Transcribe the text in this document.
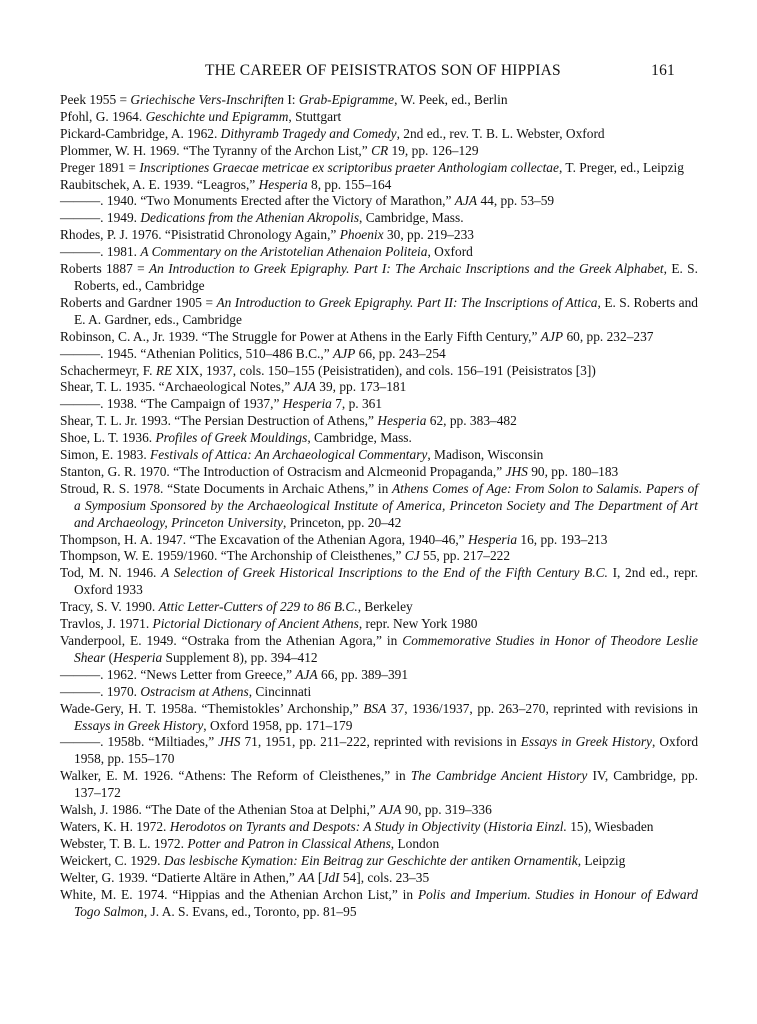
THE CAREER OF PEISISTRATOS SON OF HIPPIAS	161
Peek 1955 = Griechische Vers-Inschriften I: Grab-Epigramme, W. Peek, ed., Berlin
Pfohl, G. 1964. Geschichte und Epigramm, Stuttgart
Pickard-Cambridge, A. 1962. Dithyramb Tragedy and Comedy, 2nd ed., rev. T. B. L. Webster, Oxford
Plommer, W. H. 1969. “The Tyranny of the Archon List,” CR 19, pp. 126–129
Preger 1891 = Inscriptiones Graecae metricae ex scriptoribus praeter Anthologiam collectae, T. Preger, ed., Leipzig
Raubitschek, A. E. 1939. “Leagros,” Hesperia 8, pp. 155–164
———. 1940. “Two Monuments Erected after the Victory of Marathon,” AJA 44, pp. 53–59
———. 1949. Dedications from the Athenian Akropolis, Cambridge, Mass.
Rhodes, P. J. 1976. “Pisistratid Chronology Again,” Phoenix 30, pp. 219–233
———. 1981. A Commentary on the Aristotelian Athenaion Politeia, Oxford
Roberts 1887 = An Introduction to Greek Epigraphy. Part I: The Archaic Inscriptions and the Greek Alphabet, E. S. Roberts, ed., Cambridge
Roberts and Gardner 1905 = An Introduction to Greek Epigraphy. Part II: The Inscriptions of Attica, E. S. Roberts and E. A. Gardner, eds., Cambridge
Robinson, C. A., Jr. 1939. “The Struggle for Power at Athens in the Early Fifth Century,” AJP 60, pp. 232–237
———. 1945. “Athenian Politics, 510–486 B.C.,” AJP 66, pp. 243–254
Schachermeyr, F. RE XIX, 1937, cols. 150–155 (Peisistratiden), and cols. 156–191 (Peisistratos [3])
Shear, T. L. 1935. “Archaeological Notes,” AJA 39, pp. 173–181
———. 1938. “The Campaign of 1937,” Hesperia 7, p. 361
Shear, T. L. Jr. 1993. “The Persian Destruction of Athens,” Hesperia 62, pp. 383–482
Shoe, L. T. 1936. Profiles of Greek Mouldings, Cambridge, Mass.
Simon, E. 1983. Festivals of Attica: An Archaeological Commentary, Madison, Wisconsin
Stanton, G. R. 1970. “The Introduction of Ostracism and Alcmeonid Propaganda,” JHS 90, pp. 180–183
Stroud, R. S. 1978. “State Documents in Archaic Athens,” in Athens Comes of Age: From Solon to Salamis. Papers of a Symposium Sponsored by the Archaeological Institute of America, Princeton Society and The Department of Art and Archaeology, Princeton University, Princeton, pp. 20–42
Thompson, H. A. 1947. “The Excavation of the Athenian Agora, 1940–46,” Hesperia 16, pp. 193–213
Thompson, W. E. 1959/1960. “The Archonship of Cleisthenes,” CJ 55, pp. 217–222
Tod, M. N. 1946. A Selection of Greek Historical Inscriptions to the End of the Fifth Century B.C. I, 2nd ed., repr. Oxford 1933
Tracy, S. V. 1990. Attic Letter-Cutters of 229 to 86 B.C., Berkeley
Travlos, J. 1971. Pictorial Dictionary of Ancient Athens, repr. New York 1980
Vanderpool, E. 1949. “Ostraka from the Athenian Agora,” in Commemorative Studies in Honor of Theodore Leslie Shear (Hesperia Supplement 8), pp. 394–412
———. 1962. “News Letter from Greece,” AJA 66, pp. 389–391
———. 1970. Ostracism at Athens, Cincinnati
Wade-Gery, H. T. 1958a. “Themistokles’ Archonship,” BSA 37, 1936/1937, pp. 263–270, reprinted with revisions in Essays in Greek History, Oxford 1958, pp. 171–179
———. 1958b. “Miltiades,” JHS 71, 1951, pp. 211–222, reprinted with revisions in Essays in Greek History, Oxford 1958, pp. 155–170
Walker, E. M. 1926. “Athens: The Reform of Cleisthenes,” in The Cambridge Ancient History IV, Cambridge, pp. 137–172
Walsh, J. 1986. “The Date of the Athenian Stoa at Delphi,” AJA 90, pp. 319–336
Waters, K. H. 1972. Herodotos on Tyrants and Despots: A Study in Objectivity (Historia Einzl. 15), Wiesbaden
Webster, T. B. L. 1972. Potter and Patron in Classical Athens, London
Weickert, C. 1929. Das lesbische Kymation: Ein Beitrag zur Geschichte der antiken Ornamentik, Leipzig
Welter, G. 1939. “Datierte Altäre in Athen,” AA [JdI 54], cols. 23–35
White, M. E. 1974. “Hippias and the Athenian Archon List,” in Polis and Imperium. Studies in Honour of Edward Togo Salmon, J. A. S. Evans, ed., Toronto, pp. 81–95
